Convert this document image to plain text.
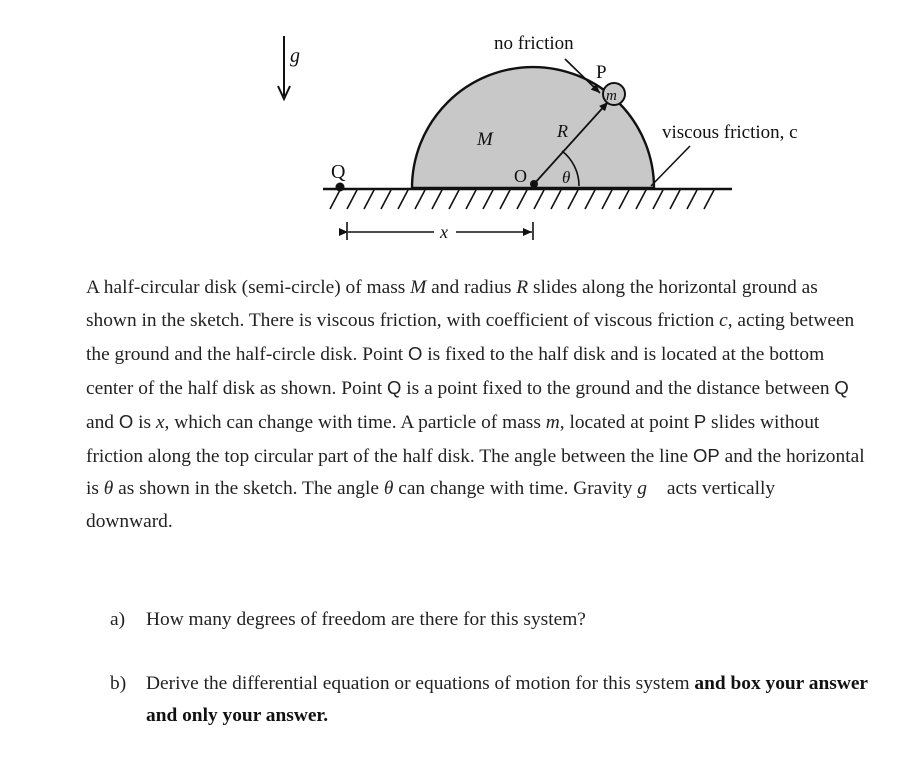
g⃗
Q	O
R
θ
M
m
P
no friction
viscous friction, c
x

A half-circular disk (semi-circle) of mass M and radius R slides along the horizontal ground as shown in the sketch. There is viscous friction, with coefficient of viscous friction c, acting between the ground and the half-circle disk. Point O is fixed to the half disk and is located at the bottom center of the half disk as shown. Point Q is a point fixed to the ground and the distance between Q and O is x, which can change with time. A particle of mass m, located at point P slides without friction along the top circular part of the half disk. The angle between the line OP and the horizontal is θ as shown in the sketch. The angle θ can change with time. Gravity g⃗ acts vertically downward.

a) How many degrees of freedom are there for this system?
b) Derive the differential equation or equations of motion for this system and box your answer and only your answer.
